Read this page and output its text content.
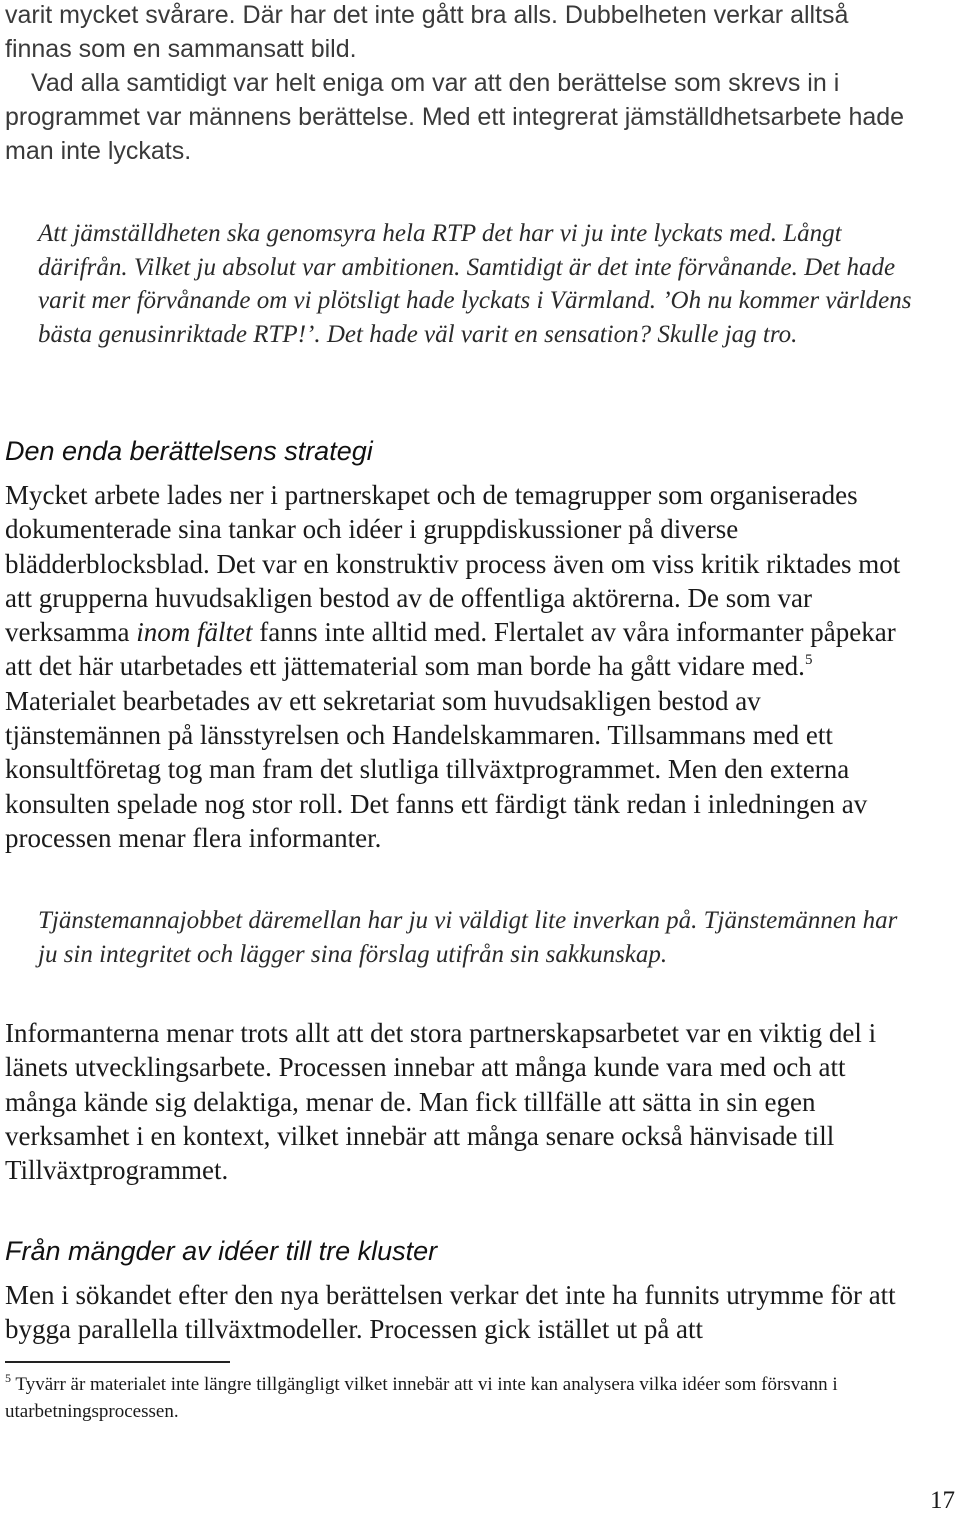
varit mycket svårare. Där har det inte gått bra alls. Dubbelheten verkar alltså finnas som en sammansatt bild.
Vad alla samtidigt var helt eniga om var att den berättelse som skrevs in i programmet var männens berättelse. Med ett integrerat jämställdhetsarbete hade man inte lyckats.
Att jämställdheten ska genomsyra hela RTP det har vi ju inte lyckats med. Långt därifrån. Vilket ju absolut var ambitionen. Samtidigt är det inte förvånande. Det hade varit mer förvånande om vi plötsligt hade lyckats i Värmland. ’Oh nu kommer världens bästa genusinriktade RTP!’. Det hade väl varit en sensation? Skulle jag tro.
Den enda berättelsens strategi

Mycket arbete lades ner i partnerskapet och de temagrupper som organiserades dokumenterade sina tankar och idéer i gruppdiskussioner på diverse blädderblocksblad. Det var en konstruktiv process även om viss kritik riktades mot att grupperna huvudsakligen bestod av de offentliga aktörerna. De som var verksamma inom fältet fanns inte alltid med. Flertalet av våra informanter påpekar att det här utarbetades ett jättematerial som man borde ha gått vidare med.$^5$ Materialet bearbetades av ett sekretariat som huvudsakligen bestod av tjänstemännen på länsstyrelsen och Handelskammaren. Tillsammans med ett konsultföretag tog man fram det slutliga tillväxtprogrammet. Men den externa konsulten spelade nog stor roll. Det fanns ett färdigt tänk redan i inledningen av processen menar flera informanter.

Tjänstemannajobbet däremellan har ju vi väldigt lite inverkan på. Tjänstemännen har ju sin integritet och lägger sina förslag utifrån sin sakkunskap.

Informanterna menar trots allt att det stora partnerskapsarbetet var en viktig del i länets utvecklingsarbete. Processen innebar att många kunde vara med och att många kände sig delaktiga, menar de. Man fick tillfälle att sätta in sin egen verksamhet i en kontext, vilket innebär att många senare också hänvisade till Tillväxtprogrammet.

Från mängder av idéer till tre kluster

Men i sökandet efter den nya berättelsen verkar det inte ha funnits utrymme för att bygga parallella tillväxtmodeller. Processen gick istället ut på att

$^5$ Tyvärr är materialet inte längre tillgängligt vilket innebär att vi inte kan analysera vilka idéer som försvann i utarbetningsprocessen.
17
